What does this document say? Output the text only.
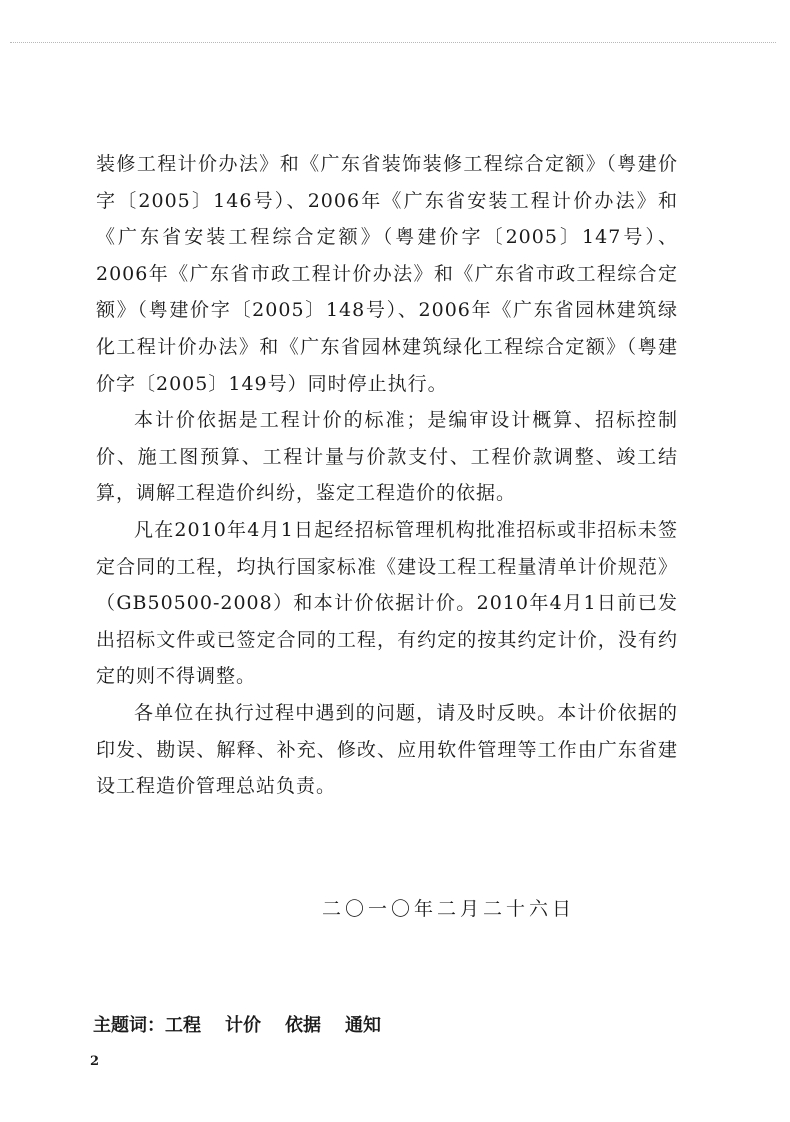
装修工程计价办法》和《广东省装饰装修工程综合定额》（粤建价字〔2005〕146号）、2006年《广东省安装工程计价办法》和《广东省安装工程综合定额》（粤建价字〔2005〕147号）、2006年《广东省市政工程计价办法》和《广东省市政工程综合定额》（粤建价字〔2005〕148号）、2006年《广东省园林建筑绿化工程计价办法》和《广东省园林建筑绿化工程综合定额》（粤建价字〔2005〕149号）同时停止执行。

本计价依据是工程计价的标准；是编审设计概算、招标控制价、施工图预算、工程计量与价款支付、工程价款调整、竣工结算，调解工程造价纠纷，鉴定工程造价的依据。

凡在2010年4月1日起经招标管理机构批准招标或非招标未签定合同的工程，均执行国家标准《建设工程工程量清单计价规范》（GB50500-2008）和本计价依据计价。2010年4月1日前已发出招标文件或已签定合同的工程，有约定的按其约定计价，没有约定的则不得调整。

各单位在执行过程中遇到的问题，请及时反映。本计价依据的印发、勘误、解释、补充、修改、应用软件管理等工作由广东省建设工程造价管理总站负责。

二〇一〇年二月二十六日
主题词：工程 计价 依据 通知
2
